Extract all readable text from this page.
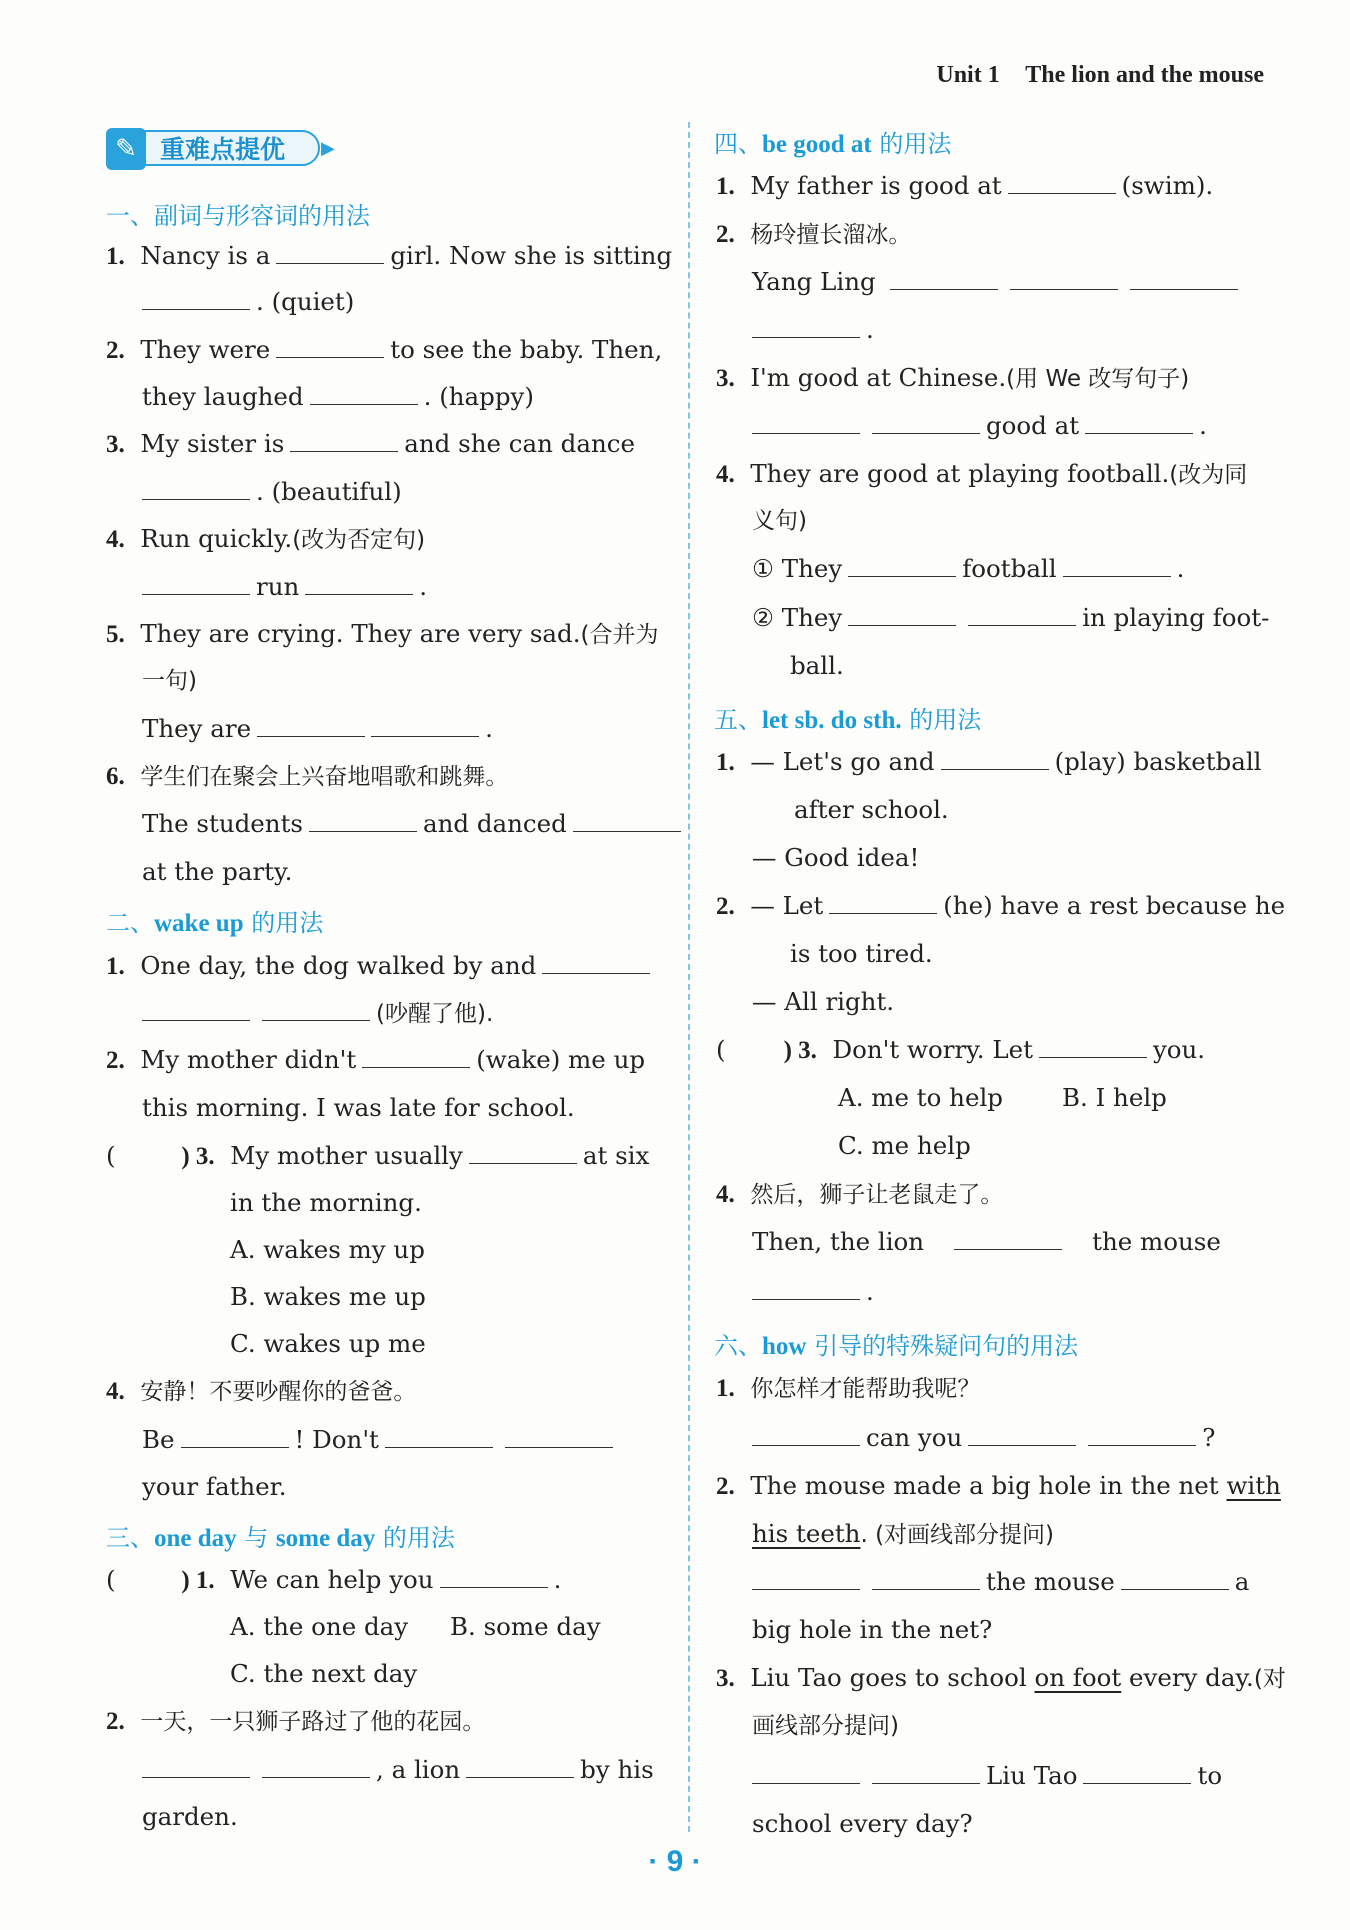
Unit 1 The lion and the mouse
✎ 重难点提优	▶
一、副词与形容词的用法
1. Nancy is a	girl. Now she is sitting
. (quiet)
2. They were	to see the baby. Then,
they laughed	. (happy)
3. My sister is	and she can dance
. (beautiful)
4. Run quickly.(改为否定句)
run	.
5. They are crying. They are very sad.(合并为
一句)
They are	.
6. 学生们在聚会上兴奋地唱歌和跳舞。
The students	and danced
at the party.
二、wake up 的用法
1. One day, the dog walked by and
(吵醒了他).
2. My mother didn't	(wake) me up
this morning. I was late for school.
( ) 3. My mother usually	at six
in the morning.
A. wakes my up
B. wakes me up
C. wakes up me
4. 安静！不要吵醒你的爸爸。
Be	! Don't
your father.
三、one day 与 some day 的用法
( ) 1. We can help you	.
A. the one day B. some day
C. the next day
2. 一天，一只狮子路过了他的花园。
, a lion	by his
garden.
四、be good at 的用法
1. My father is good at	(swim).
2. 杨玲擅长溜冰。
Yang Ling
.
3. I'm good at Chinese.(用 We 改写句子)
good at	.
4. They are good at playing football.(改为同
义句)
① They	football	.
② They	in playing foot-
ball.
五、let sb. do sth. 的用法
1. — Let's go and	(play) basketball
after school.
— Good idea!
2. — Let	(he) have a rest because he
is too tired.
— All right.
( ) 3. Don't worry. Let	you.
A. me to help B. I help
C. me help
4. 然后，狮子让老鼠走了。
Then, the lion	the mouse
.
六、how 引导的特殊疑问句的用法
1. 你怎样才能帮助我呢？
can you	?
2. The mouse made a big hole in the net with
his teeth. (对画线部分提问)
the mouse	a
big hole in the net?
3. Liu Tao goes to school on foot every day.(对
画线部分提问)
Liu Tao	to
school every day?
· 9 ·
